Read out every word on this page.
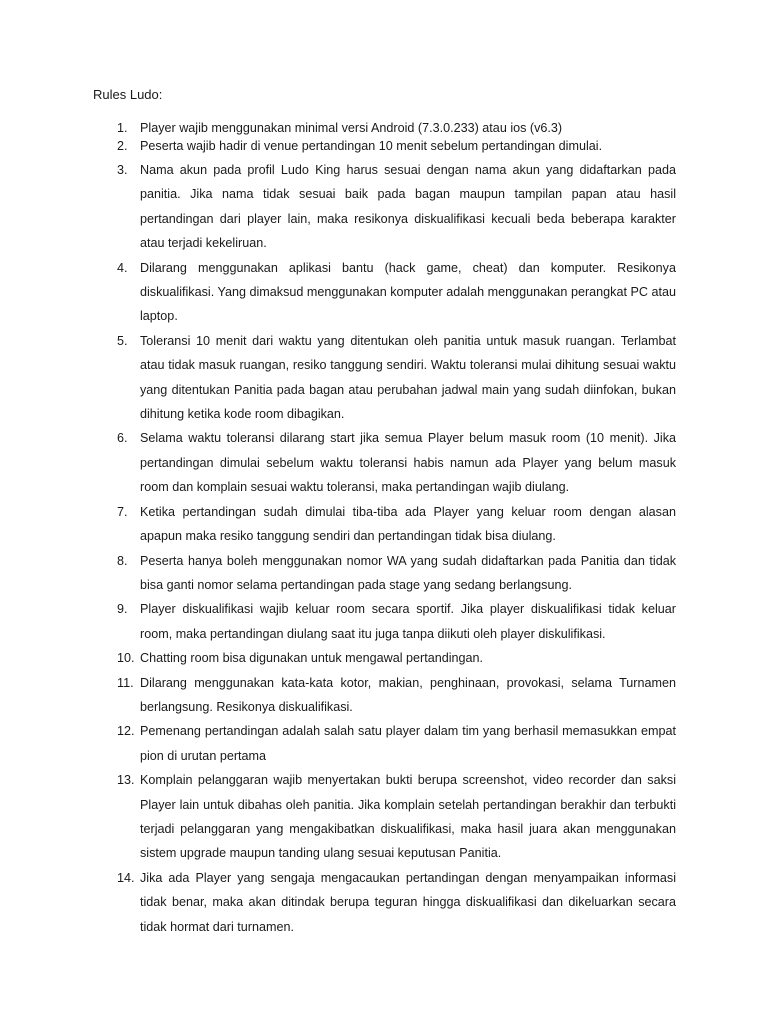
Rules Ludo:
1. Player wajib menggunakan minimal versi Android (7.3.0.233) atau ios (v6.3)
2. Peserta wajib hadir di venue pertandingan 10 menit sebelum pertandingan dimulai.
3. Nama akun pada profil Ludo King harus sesuai dengan nama akun yang didaftarkan pada panitia. Jika nama tidak sesuai baik pada bagan maupun tampilan papan atau hasil pertandingan dari player lain, maka resikonya diskualifikasi kecuali beda beberapa karakter atau terjadi kekeliruan.
4. Dilarang menggunakan aplikasi bantu (hack game, cheat) dan komputer. Resikonya diskualifikasi. Yang dimaksud menggunakan komputer adalah menggunakan perangkat PC atau laptop.
5. Toleransi 10 menit dari waktu yang ditentukan oleh panitia untuk masuk ruangan. Terlambat atau tidak masuk ruangan, resiko tanggung sendiri. Waktu toleransi mulai dihitung sesuai waktu yang ditentukan Panitia pada bagan atau perubahan jadwal main yang sudah diinfokan, bukan dihitung ketika kode room dibagikan.
6. Selama waktu toleransi dilarang start jika semua Player belum masuk room (10 menit). Jika pertandingan dimulai sebelum waktu toleransi habis namun ada Player yang belum masuk room dan komplain sesuai waktu toleransi, maka pertandingan wajib diulang.
7. Ketika pertandingan sudah dimulai tiba-tiba ada Player yang keluar room dengan alasan apapun maka resiko tanggung sendiri dan pertandingan tidak bisa diulang.
8. Peserta hanya boleh menggunakan nomor WA yang sudah didaftarkan pada Panitia dan tidak bisa ganti nomor selama pertandingan pada stage yang sedang berlangsung.
9. Player diskualifikasi wajib keluar room secara sportif. Jika player diskualifikasi tidak keluar room, maka pertandingan diulang saat itu juga tanpa diikuti oleh player diskulifikasi.
10. Chatting room bisa digunakan untuk mengawal pertandingan.
11. Dilarang menggunakan kata-kata kotor, makian, penghinaan, provokasi, selama Turnamen berlangsung. Resikonya diskualifikasi.
12. Pemenang pertandingan adalah salah satu player dalam tim yang berhasil memasukkan empat pion di urutan pertama
13. Komplain pelanggaran wajib menyertakan bukti berupa screenshot, video recorder dan saksi Player lain untuk dibahas oleh panitia. Jika komplain setelah pertandingan berakhir dan terbukti terjadi pelanggaran yang mengakibatkan diskualifikasi, maka hasil juara akan menggunakan sistem upgrade maupun tanding ulang sesuai keputusan Panitia.
14. Jika ada Player yang sengaja mengacaukan pertandingan dengan menyampaikan informasi tidak benar, maka akan ditindak berupa teguran hingga diskualifikasi dan dikeluarkan secara tidak hormat dari turnamen.
